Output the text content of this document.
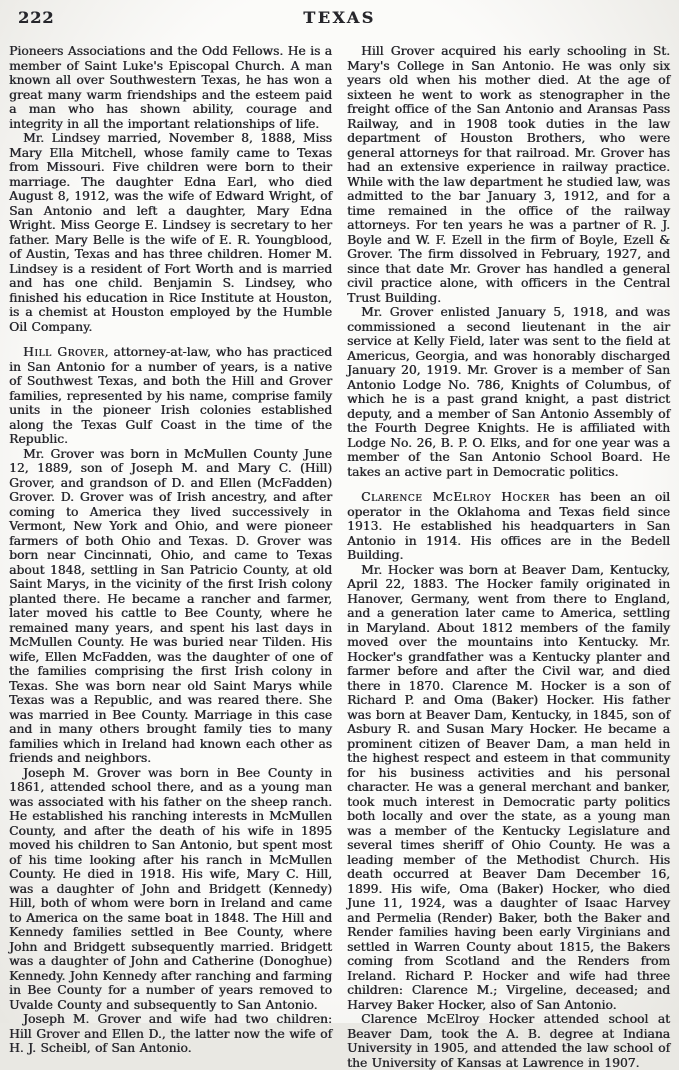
222	TEXAS

Pioneers Associations and the Odd Fellows. He is a member of Saint Luke's Episcopal Church. A man known all over Southwestern Texas, he has won a great many warm friendships and the esteem paid a man who has shown ability, courage and integrity in all the important relationships of life.

Mr. Lindsey married, November 8, 1888, Miss Mary Ella Mitchell, whose family came to Texas from Missouri. Five children were born to their marriage. The daughter Edna Earl, who died August 8, 1912, was the wife of Edward Wright, of San Antonio and left a daughter, Mary Edna Wright. Miss George E. Lindsey is secretary to her father. Mary Belle is the wife of E. R. Youngblood, of Austin, Texas and has three children. Homer M. Lindsey is a resident of Fort Worth and is married and has one child. Benjamin S. Lindsey, who finished his education in Rice Institute at Houston, is a chemist at Houston employed by the Humble Oil Company.

Hill Grover, attorney-at-law, who has practiced in San Antonio for a number of years, is a native of Southwest Texas, and both the Hill and Grover families, represented by his name, comprise family units in the pioneer Irish colonies established along the Texas Gulf Coast in the time of the Republic.

Mr. Grover was born in McMullen County June 12, 1889, son of Joseph M. and Mary C. (Hill) Grover, and grandson of D. and Ellen (McFadden) Grover. D. Grover was of Irish ancestry, and after coming to America they lived successively in Vermont, New York and Ohio, and were pioneer farmers of both Ohio and Texas. D. Grover was born near Cincinnati, Ohio, and came to Texas about 1848, settling in San Patricio County, at old Saint Marys, in the vicinity of the first Irish colony planted there. He became a rancher and farmer, later moved his cattle to Bee County, where he remained many years, and spent his last days in McMullen County. He was buried near Tilden. His wife, Ellen McFadden, was the daughter of one of the families comprising the first Irish colony in Texas. She was born near old Saint Marys while Texas was a Republic, and was reared there. She was married in Bee County. Marriage in this case and in many others brought family ties to many families which in Ireland had known each other as friends and neighbors.

Joseph M. Grover was born in Bee County in 1861, attended school there, and as a young man was associated with his father on the sheep ranch. He established his ranching interests in McMullen County, and after the death of his wife in 1895 moved his children to San Antonio, but spent most of his time looking after his ranch in McMullen County. He died in 1918. His wife, Mary C. Hill, was a daughter of John and Bridgett (Kennedy) Hill, both of whom were born in Ireland and came to America on the same boat in 1848. The Hill and Kennedy families settled in Bee County, where John and Bridgett subsequently married. Bridgett was a daughter of John and Catherine (Donoghue) Kennedy. John Kennedy after ranching and farming in Bee County for a number of years removed to Uvalde County and subsequently to San Antonio.

Joseph M. Grover and wife had two children: Hill Grover and Ellen D., the latter now the wife of H. J. Scheibl, of San Antonio.

Hill Grover acquired his early schooling in St. Mary's College in San Antonio. He was only six years old when his mother died. At the age of sixteen he went to work as stenographer in the freight office of the San Antonio and Aransas Pass Railway, and in 1908 took duties in the law department of Houston Brothers, who were general attorneys for that railroad. Mr. Grover has had an extensive experience in railway practice. While with the law department he studied law, was admitted to the bar January 3, 1912, and for a time remained in the office of the railway attorneys. For ten years he was a partner of R. J. Boyle and W. F. Ezell in the firm of Boyle, Ezell & Grover. The firm dissolved in February, 1927, and since that date Mr. Grover has handled a general civil practice alone, with officers in the Central Trust Building.

Mr. Grover enlisted January 5, 1918, and was commissioned a second lieutenant in the air service at Kelly Field, later was sent to the field at Americus, Georgia, and was honorably discharged January 20, 1919. Mr. Grover is a member of San Antonio Lodge No. 786, Knights of Columbus, of which he is a past grand knight, a past district deputy, and a member of San Antonio Assembly of the Fourth Degree Knights. He is affiliated with Lodge No. 26, B. P. O. Elks, and for one year was a member of the San Antonio School Board. He takes an active part in Democratic politics.

Clarence McElroy Hocker has been an oil operator in the Oklahoma and Texas field since 1913. He established his headquarters in San Antonio in 1914. His offices are in the Bedell Building.

Mr. Hocker was born at Beaver Dam, Kentucky, April 22, 1883. The Hocker family originated in Hanover, Germany, went from there to England, and a generation later came to America, settling in Maryland. About 1812 members of the family moved over the mountains into Kentucky. Mr. Hocker's grandfather was a Kentucky planter and farmer before and after the Civil war, and died there in 1870. Clarence M. Hocker is a son of Richard P. and Oma (Baker) Hocker. His father was born at Beaver Dam, Kentucky, in 1845, son of Asbury R. and Susan Mary Hocker. He became a prominent citizen of Beaver Dam, a man held in the highest respect and esteem in that community for his business activities and his personal character. He was a general merchant and banker, took much interest in Democratic party politics both locally and over the state, as a young man was a member of the Kentucky Legislature and several times sheriff of Ohio County. He was a leading member of the Methodist Church. His death occurred at Beaver Dam December 16, 1899. His wife, Oma (Baker) Hocker, who died June 11, 1924, was a daughter of Isaac Harvey and Permelia (Render) Baker, both the Baker and Render families having been early Virginians and settled in Warren County about 1815, the Bakers coming from Scotland and the Renders from Ireland. Richard P. Hocker and wife had three children: Clarence M.; Virgeline, deceased; and Harvey Baker Hocker, also of San Antonio.

Clarence McElroy Hocker attended school at Beaver Dam, took the A. B. degree at Indiana University in 1905, and attended the law school of the University of Kansas at Lawrence in 1907.
